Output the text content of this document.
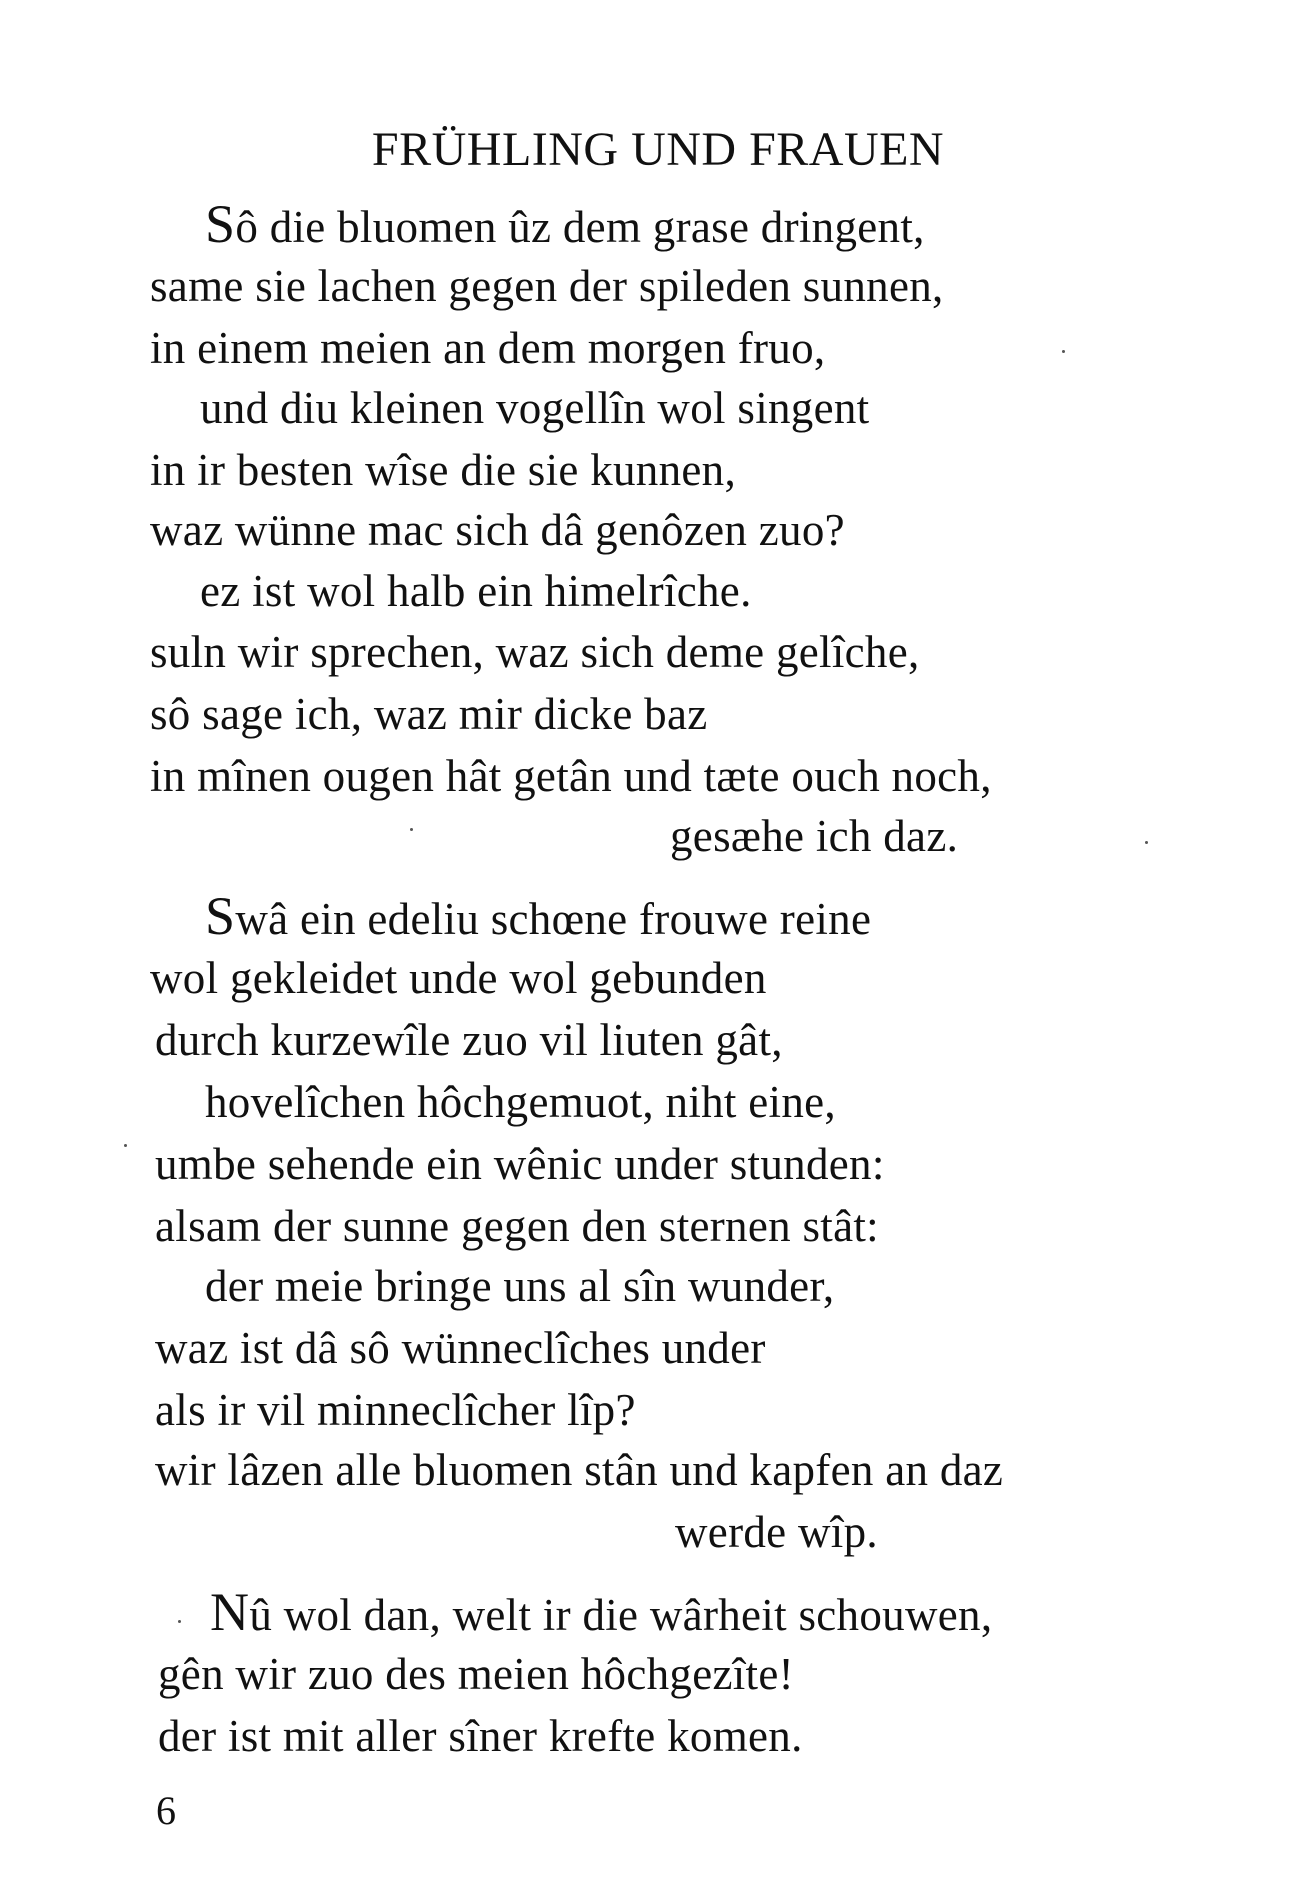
FRÜHLING UND FRAUEN
Sô die bluomen ûz dem grase dringent,
same sie lachen gegen der spileden sunnen,
in einem meien an dem morgen fruo,
und diu kleinen vogellîn wol singent
in ir besten wîse die sie kunnen,
waz wünne mac sich dâ genôzen zuo?
ez ist wol halb ein himelrîche.
suln wir sprechen, waz sich deme gelîche,
sô sage ich, waz mir dicke baz
in mînen ougen hât getân und tæte ouch noch,
gesæhe ich daz.
Swâ ein edeliu schœne frouwe reine
wol gekleidet unde wol gebunden
durch kurzewîle zuo vil liuten gât,
hovelîchen hôchgemuot, niht eine,
umbe sehende ein wênic under stunden:
alsam der sunne gegen den sternen stât:
der meie bringe uns al sîn wunder,
waz ist dâ sô wünneclîches under
als ir vil minneclîcher lîp?
wir lâzen alle bluomen stân und kapfen an daz
werde wîp.
Nû wol dan, welt ir die wârheit schouwen,
gên wir zuo des meien hôchgezîte!
der ist mit aller sîner krefte komen.
6
